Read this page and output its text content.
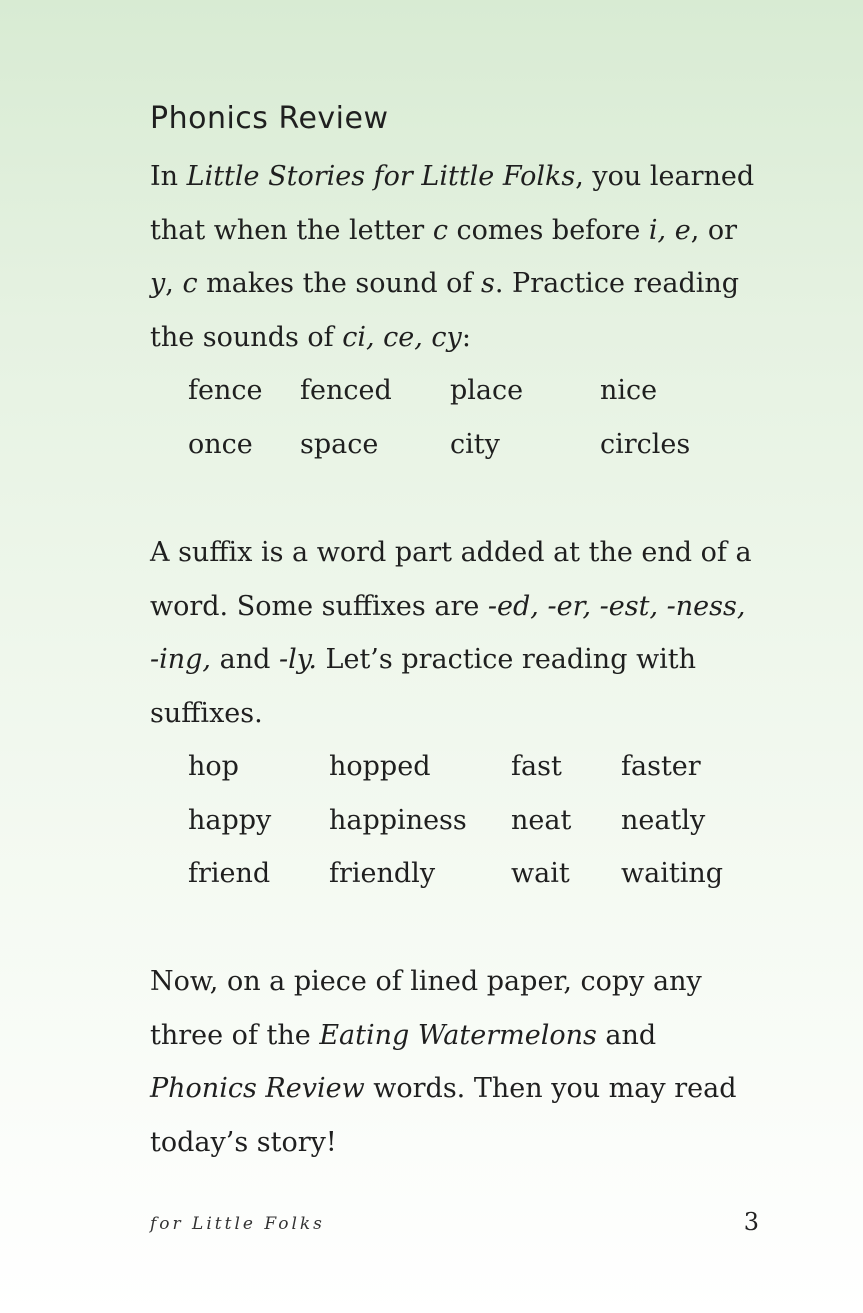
Phonics Review

In Little Stories for Little Folks, you learned that when the letter c comes before i, e, or y, c makes the sound of s. Practice reading the sounds of ci, ce, cy:

fence	fenced	place	nice
once	space	city	circles

A suffix is a word part added at the end of a word. Some suffixes are -ed, -er, -est, -ness, -ing, and -ly. Let’s practice reading with suffixes.

hop	hopped	fast	faster
happy	happiness	neat	neatly
friend	friendly	wait	waiting

Now, on a piece of lined paper, copy any three of the Eating Watermelons and Phonics Review words. Then you may read today’s story!

for Little Folks	3
